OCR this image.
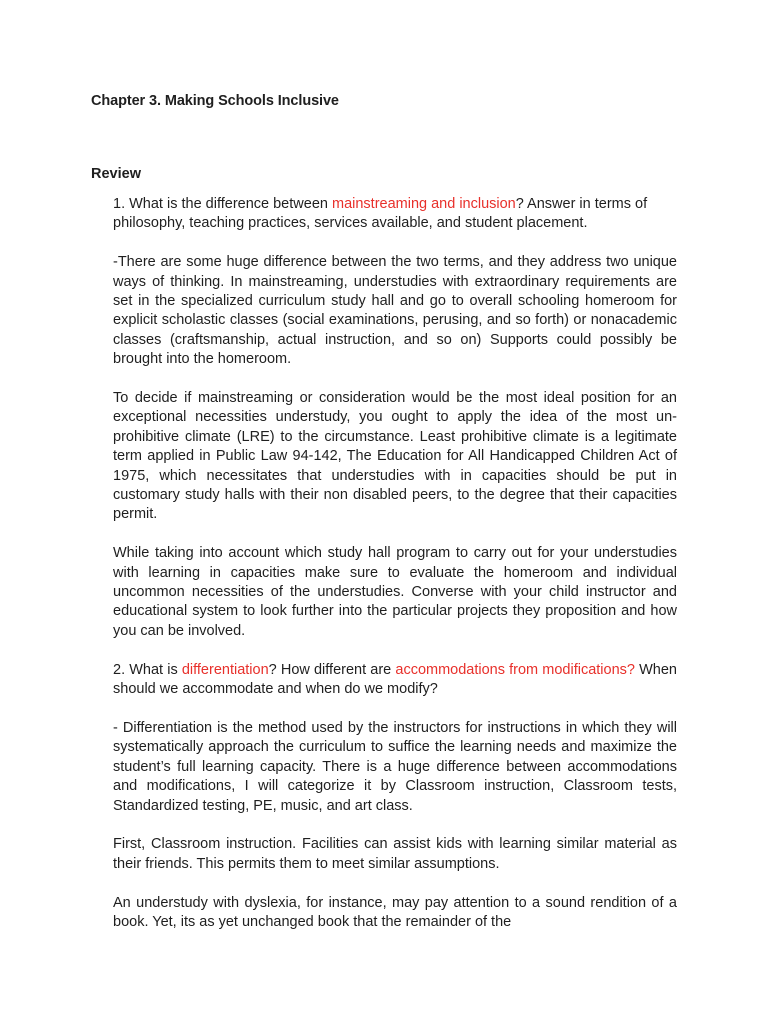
Chapter 3. Making Schools Inclusive
Review

1. What is the difference between mainstreaming and inclusion? Answer in terms of philosophy, teaching practices, services available, and student placement.

-There are some huge difference between the two terms, and they address two unique ways of thinking. In mainstreaming, understudies with extraordinary requirements are set in the specialized curriculum study hall and go to overall schooling homeroom for explicit scholastic classes (social examinations, perusing, and so forth) or nonacademic classes (craftsmanship, actual instruction, and so on) Supports could possibly be brought into the homeroom.

To decide if mainstreaming or consideration would be the most ideal position for an exceptional necessities understudy, you ought to apply the idea of the most un-prohibitive climate (LRE) to the circumstance. Least prohibitive climate is a legitimate term applied in Public Law 94-142, The Education for All Handicapped Children Act of 1975, which necessitates that understudies with in capacities should be put in customary study halls with their non disabled peers, to the degree that their capacities permit.

While taking into account which study hall program to carry out for your understudies with learning in capacities make sure to evaluate the homeroom and individual uncommon necessities of the understudies. Converse with your child instructor and educational system to look further into the particular projects they proposition and how you can be involved.

2. What is differentiation? How different are accommodations from modifications? When should we accommodate and when do we modify?

- Differentiation is the method used by the instructors for instructions in which they will systematically approach the curriculum to suffice the learning needs and maximize the student’s full learning capacity. There is a huge difference between accommodations and modifications, I will categorize it by Classroom instruction, Classroom tests, Standardized testing, PE, music, and art class.

First, Classroom instruction. Facilities can assist kids with learning similar material as their friends. This permits them to meet similar assumptions.

An understudy with dyslexia, for instance, may pay attention to a sound rendition of a book. Yet, its as yet unchanged book that the remainder of the
